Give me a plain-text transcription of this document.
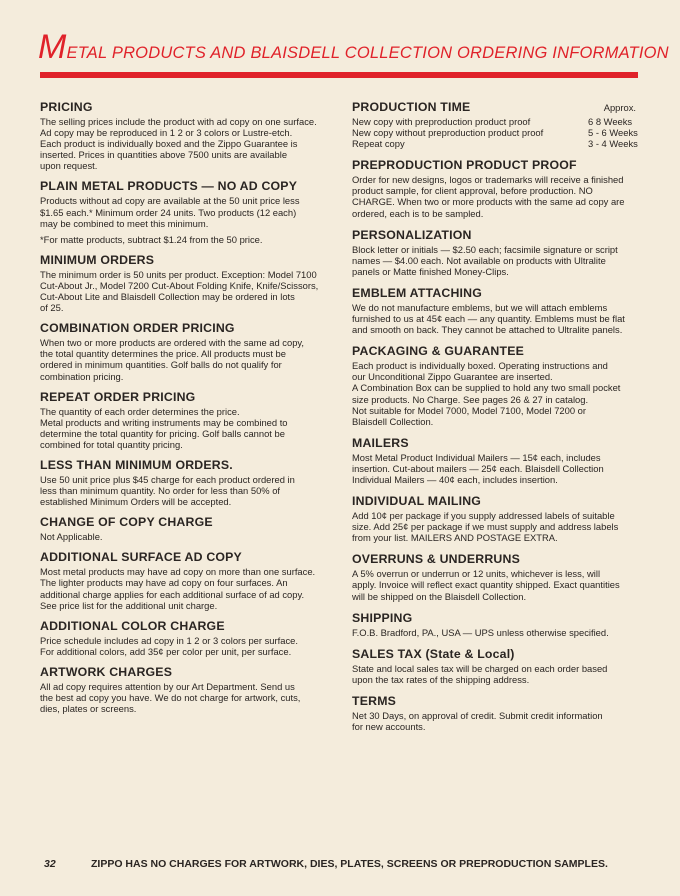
METAL PRODUCTS AND BLAISDELL COLLECTION ORDERING INFORMATION
PRICING
The selling prices include the product with ad copy on one surface.
Ad copy may be reproduced in 1 2 or 3 colors or Lustre-etch.
Each product is individually boxed and the Zippo Guarantee is
inserted. Prices in quantities above 7500 units are available
upon request.
PLAIN METAL PRODUCTS — NO AD COPY
Products without ad copy are available at the 50 unit price less
$1.65 each.* Minimum order 24 units. Two products (12 each)
may be combined to meet this minimum.
*For matte products, subtract $1.24 from the 50 price.
MINIMUM ORDERS
The minimum order is 50 units per product. Exception: Model 7100
Cut-About Jr., Model 7200 Cut-About Folding Knife, Knife/Scissors,
Cut-About Lite and Blaisdell Collection may be ordered in lots
of 25.
COMBINATION ORDER PRICING
When two or more products are ordered with the same ad copy,
the total quantity determines the price. All products must be
ordered in minimum quantities. Golf balls do not qualify for
combination pricing.
REPEAT ORDER PRICING
The quantity of each order determines the price.
Metal products and writing instruments may be combined to
determine the total quantity for pricing. Golf balls cannot be
combined for total quantity pricing.
LESS THAN MINIMUM ORDERS.
Use 50 unit price plus $45 charge for each product ordered in
less than minimum quantity. No order for less than 50% of
established Minimum Orders will be accepted.
CHANGE OF COPY CHARGE
Not Applicable.
ADDITIONAL SURFACE AD COPY
Most metal products may have ad copy on more than one surface.
The lighter products may have ad copy on four surfaces. An
additional charge applies for each additional surface of ad copy.
See price list for the additional unit charge.
ADDITIONAL COLOR CHARGE
Price schedule includes ad copy in 1 2 or 3 colors per surface.
For additional colors, add 35¢ per color per unit, per surface.
ARTWORK CHARGES
All ad copy requires attention by our Art Department. Send us
the best ad copy you have. We do not charge for artwork, cuts,
dies, plates or screens.
PRODUCTION TIME	Approx.
New copy with preproduction product proof	6 8 Weeks
New copy without preproduction product proof	5 - 6 Weeks
Repeat copy	3 - 4 Weeks
PREPRODUCTION PRODUCT PROOF
Order for new designs, logos or trademarks will receive a finished
product sample, for client approval, before production. NO
CHARGE. When two or more products with the same ad copy are
ordered, each is to be sampled.
PERSONALIZATION
Block letter or initials — $2.50 each; facsimile signature or script
names — $4.00 each. Not available on products with Ultralite
panels or Matte finished Money-Clips.
EMBLEM ATTACHING
We do not manufacture emblems, but we will attach emblems
furnished to us at 45¢ each — any quantity. Emblems must be flat
and smooth on back. They cannot be attached to Ultralite panels.
PACKAGING & GUARANTEE
Each product is individually boxed. Operating instructions and
our Unconditional Zippo Guarantee are inserted.
A Combination Box can be supplied to hold any two small pocket
size products. No Charge. See pages 26 & 27 in catalog.
Not suitable for Model 7000, Model 7100, Model 7200 or
Blaisdell Collection.
MAILERS
Most Metal Product Individual Mailers — 15¢ each, includes
insertion. Cut-about mailers — 25¢ each. Blaisdell Collection
Individual Mailers — 40¢ each, includes insertion.
INDIVIDUAL MAILING
Add 10¢ per package if you supply addressed labels of suitable
size. Add 25¢ per package if we must supply and address labels
from your list. MAILERS AND POSTAGE EXTRA.
OVERRUNS & UNDERRUNS
A 5% overrun or underrun or 12 units, whichever is less, will
apply. Invoice will reflect exact quantity shipped. Exact quantities
will be shipped on the Blaisdell Collection.
SHIPPING
F.O.B. Bradford, PA., USA — UPS unless otherwise specified.
SALES TAX (State & Local)
State and local sales tax will be charged on each order based
upon the tax rates of the shipping address.
TERMS
Net 30 Days, on approval of credit. Submit credit information
for new accounts.
32	ZIPPO HAS NO CHARGES FOR ARTWORK, DIES, PLATES, SCREENS OR PREPRODUCTION SAMPLES.
